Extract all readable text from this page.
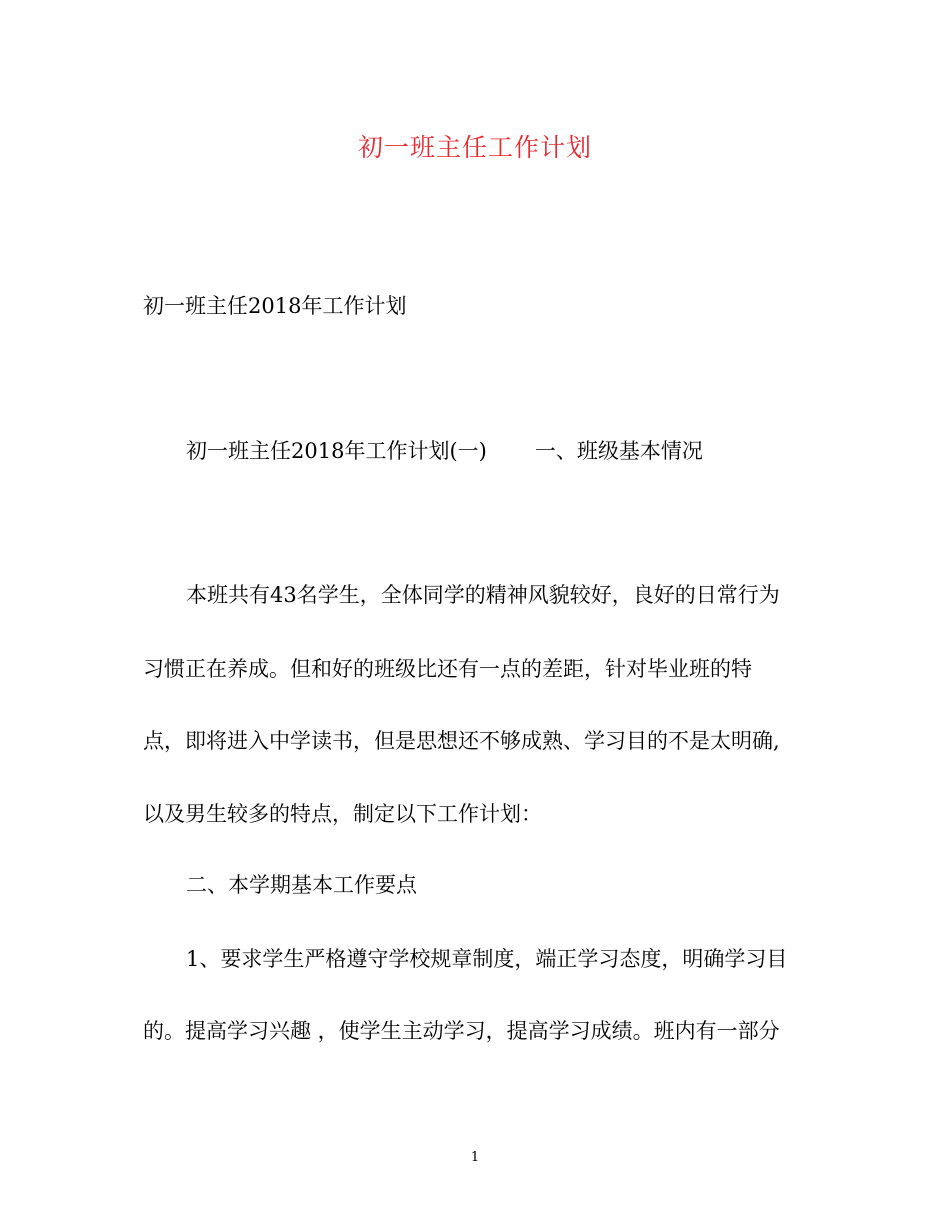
初一班主任工作计划
初一班主任2018年工作计划
初一班主任2018年工作计划(一) 一、班级基本情况
本班共有43名学生，全体同学的精神风貌较好，良好的日常行为
习惯正在养成。但和好的班级比还有一点的差距，针对毕业班的特
点，即将进入中学读书，但是思想还不够成熟、学习目的不是太明确,
以及男生较多的特点，制定以下工作计划：
二、本学期基本工作要点
1、要求学生严格遵守学校规章制度，端正学习态度，明确学习目
的。提高学习兴趣 ，使学生主动学习，提高学习成绩。班内有一部分
1
